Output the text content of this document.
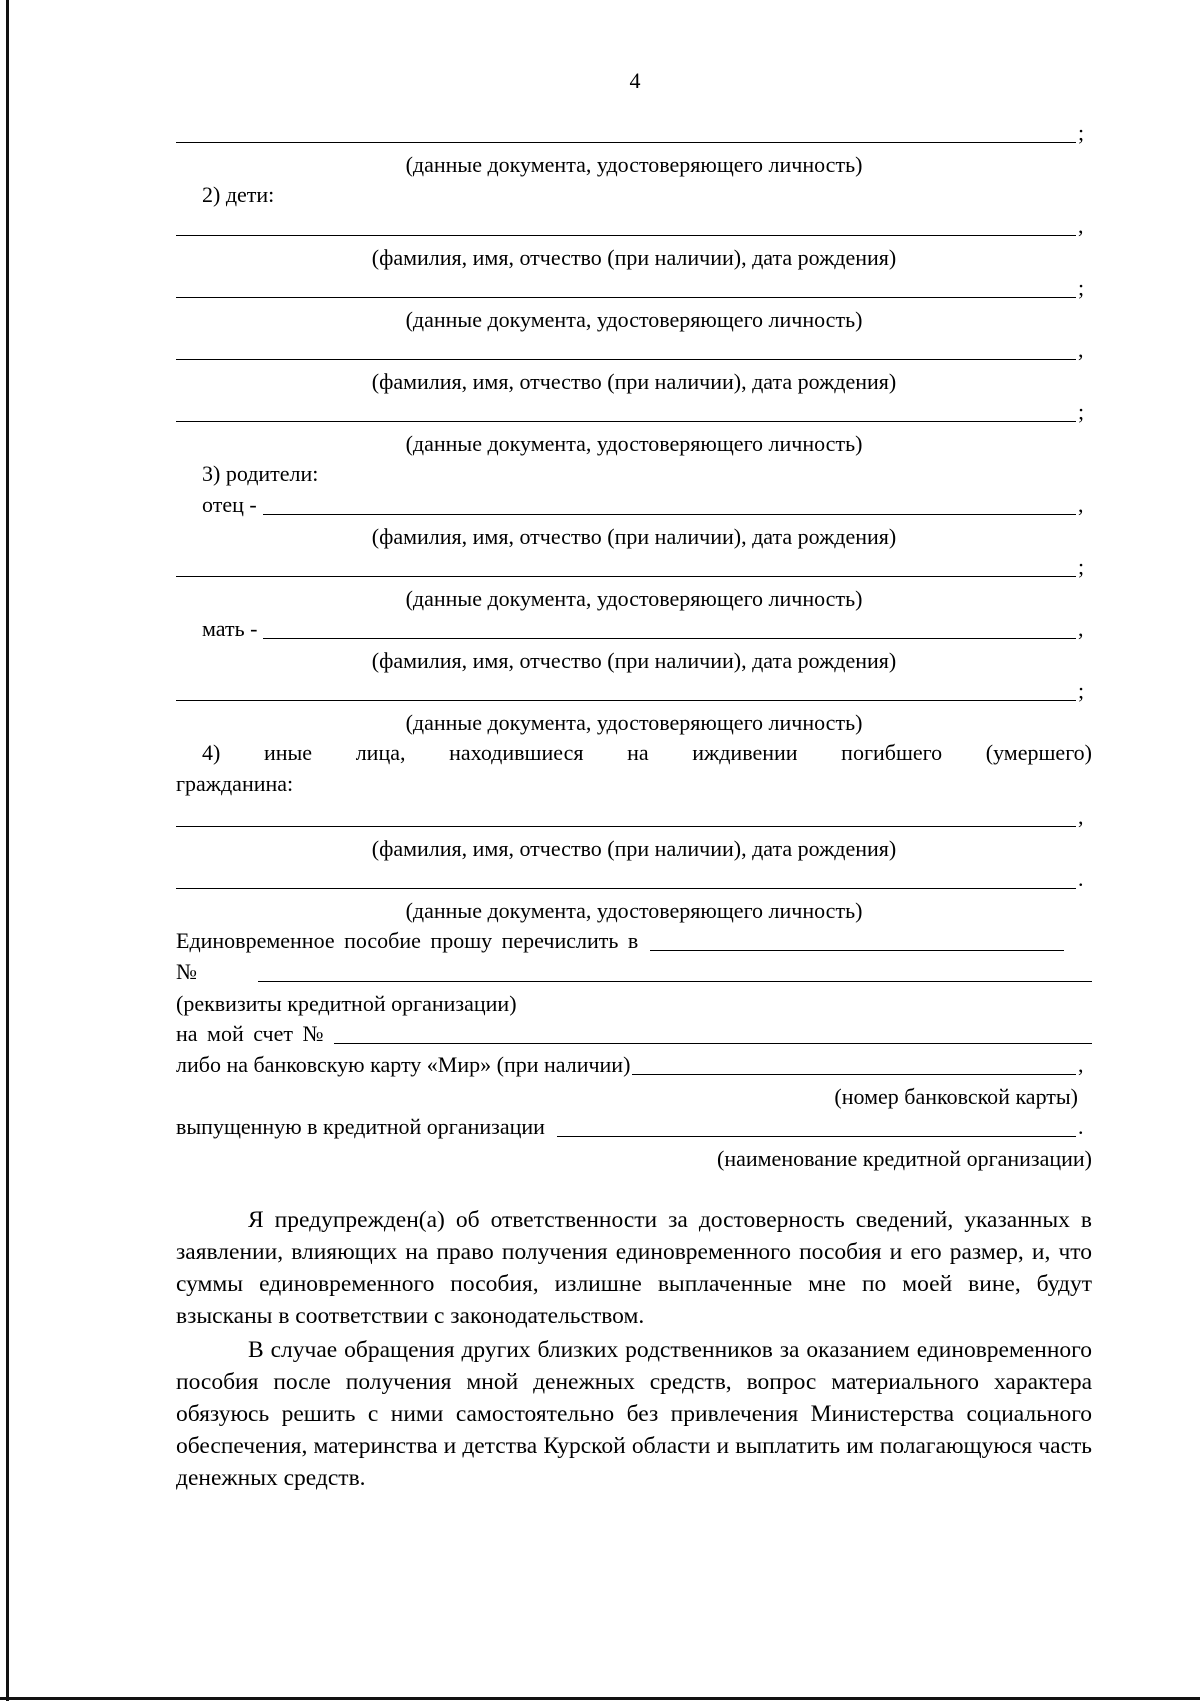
4
;
(данные документа, удостоверяющего личность)
2) дети:
,
(фамилия, имя, отчество (при наличии), дата рождения)
;
(данные документа, удостоверяющего личность)
,
(фамилия, имя, отчество (при наличии), дата рождения)
;
(данные документа, удостоверяющего личность)
3) родители:
отец -	,
(фамилия, имя, отчество (при наличии), дата рождения)
;
(данные документа, удостоверяющего личность)
мать -	,
(фамилия, имя, отчество (при наличии), дата рождения)
;
(данные документа, удостоверяющего личность)
4) иные лица, находившиеся на иждивении погибшего (умершего)
гражданина:
,
(фамилия, имя, отчество (при наличии), дата рождения)
.
(данные документа, удостоверяющего личность)
Единовременное пособие прошу перечислить в
№
(реквизиты кредитной организации)
на мой счет №
либо на банковскую карту «Мир» (при наличии)	,
(номер банковской карты)
выпущенную в кредитной организации	.
(наименование кредитной организации)

Я предупрежден(а) об ответственности за достоверность сведений, указанных в заявлении, влияющих на право получения единовременного пособия и его размер, и, что суммы единовременного пособия, излишне выплаченные мне по моей вине, будут взысканы в соответствии с законодательством.

В случае обращения других близких родственников за оказанием единовременного пособия после получения мной денежных средств, вопрос материального характера обязуюсь решить с ними самостоятельно без привлечения Министерства социального обеспечения, материнства и детства Курской области и выплатить им полагающуюся часть денежных средств.
